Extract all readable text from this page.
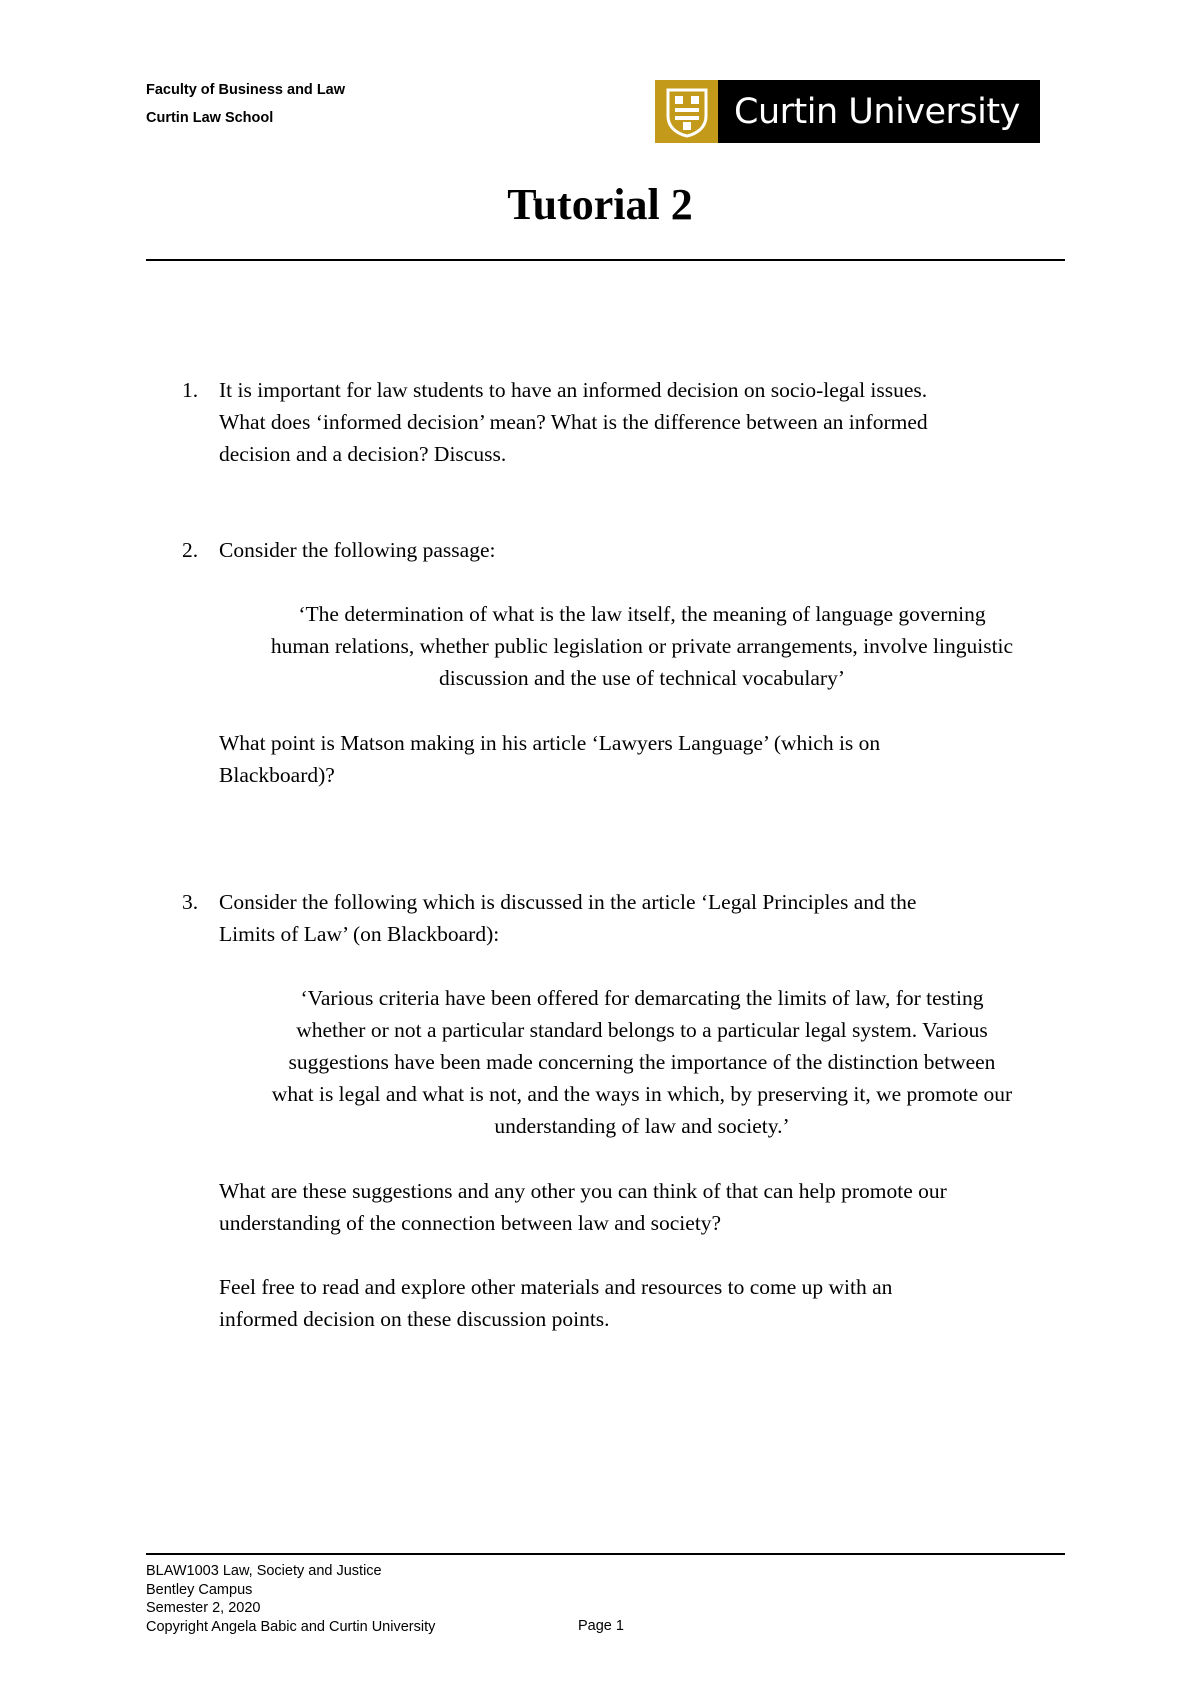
Faculty of Business and Law
Curtin Law School	Curtin University
Tutorial 2
1. It is important for law students to have an informed decision on socio-legal issues.
What does ‘informed decision’ mean? What is the difference between an informed
decision and a decision? Discuss.
2. Consider the following passage:
‘The determination of what is the law itself, the meaning of language governing
human relations, whether public legislation or private arrangements, involve linguistic
discussion and the use of technical vocabulary’
What point is Matson making in his article ‘Lawyers Language’ (which is on
Blackboard)?
3. Consider the following which is discussed in the article ‘Legal Principles and the
Limits of Law’ (on Blackboard):
‘Various criteria have been offered for demarcating the limits of law, for testing
whether or not a particular standard belongs to a particular legal system. Various
suggestions have been made concerning the importance of the distinction between
what is legal and what is not, and the ways in which, by preserving it, we promote our
understanding of law and society.’
What are these suggestions and any other you can think of that can help promote our
understanding of the connection between law and society?
Feel free to read and explore other materials and resources to come up with an
informed decision on these discussion points.
BLAW1003 Law, Society and Justice
Bentley Campus
Semester 2, 2020
Copyright Angela Babic and Curtin University	Page 1
